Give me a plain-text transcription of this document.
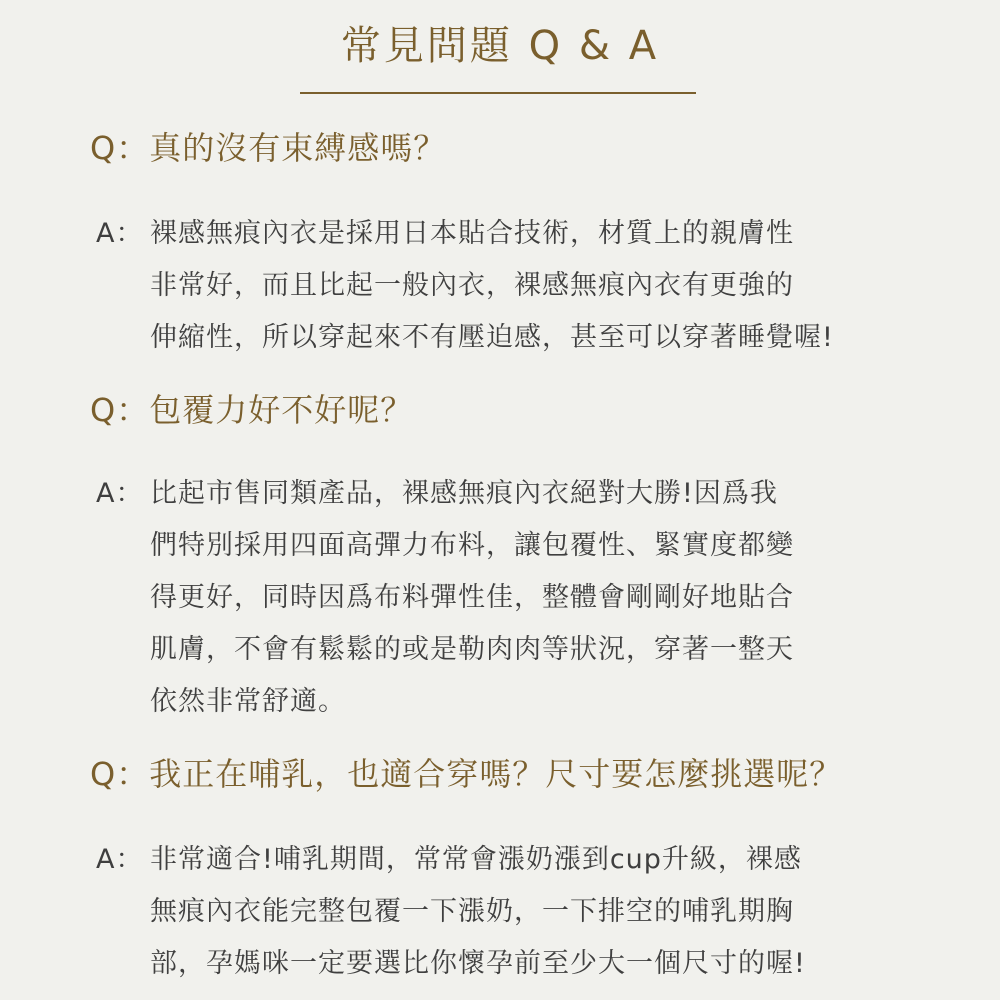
常見問題 Q & A
Q：真的沒有束縛感嗎？
A： 裸感無痕內衣是採用日本貼合技術，材質上的親膚性
非常好，而且比起一般內衣，裸感無痕內衣有更強的
伸縮性，所以穿起來不有壓迫感，甚至可以穿著睡覺喔!
Q：包覆力好不好呢？
A： 比起市售同類產品，裸感無痕內衣絕對大勝!因爲我
們特別採用四面高彈力布料，讓包覆性、緊實度都變
得更好，同時因爲布料彈性佳，整體會剛剛好地貼合
肌膚，不會有鬆鬆的或是勒肉肉等狀況，穿著一整天
依然非常舒適。
Q：我正在哺乳，也適合穿嗎？尺寸要怎麼挑選呢？
A： 非常適合!哺乳期間，常常會漲奶漲到cup升級，裸感
無痕內衣能完整包覆一下漲奶，一下排空的哺乳期胸
部，孕媽咪一定要選比你懷孕前至少大一個尺寸的喔!
